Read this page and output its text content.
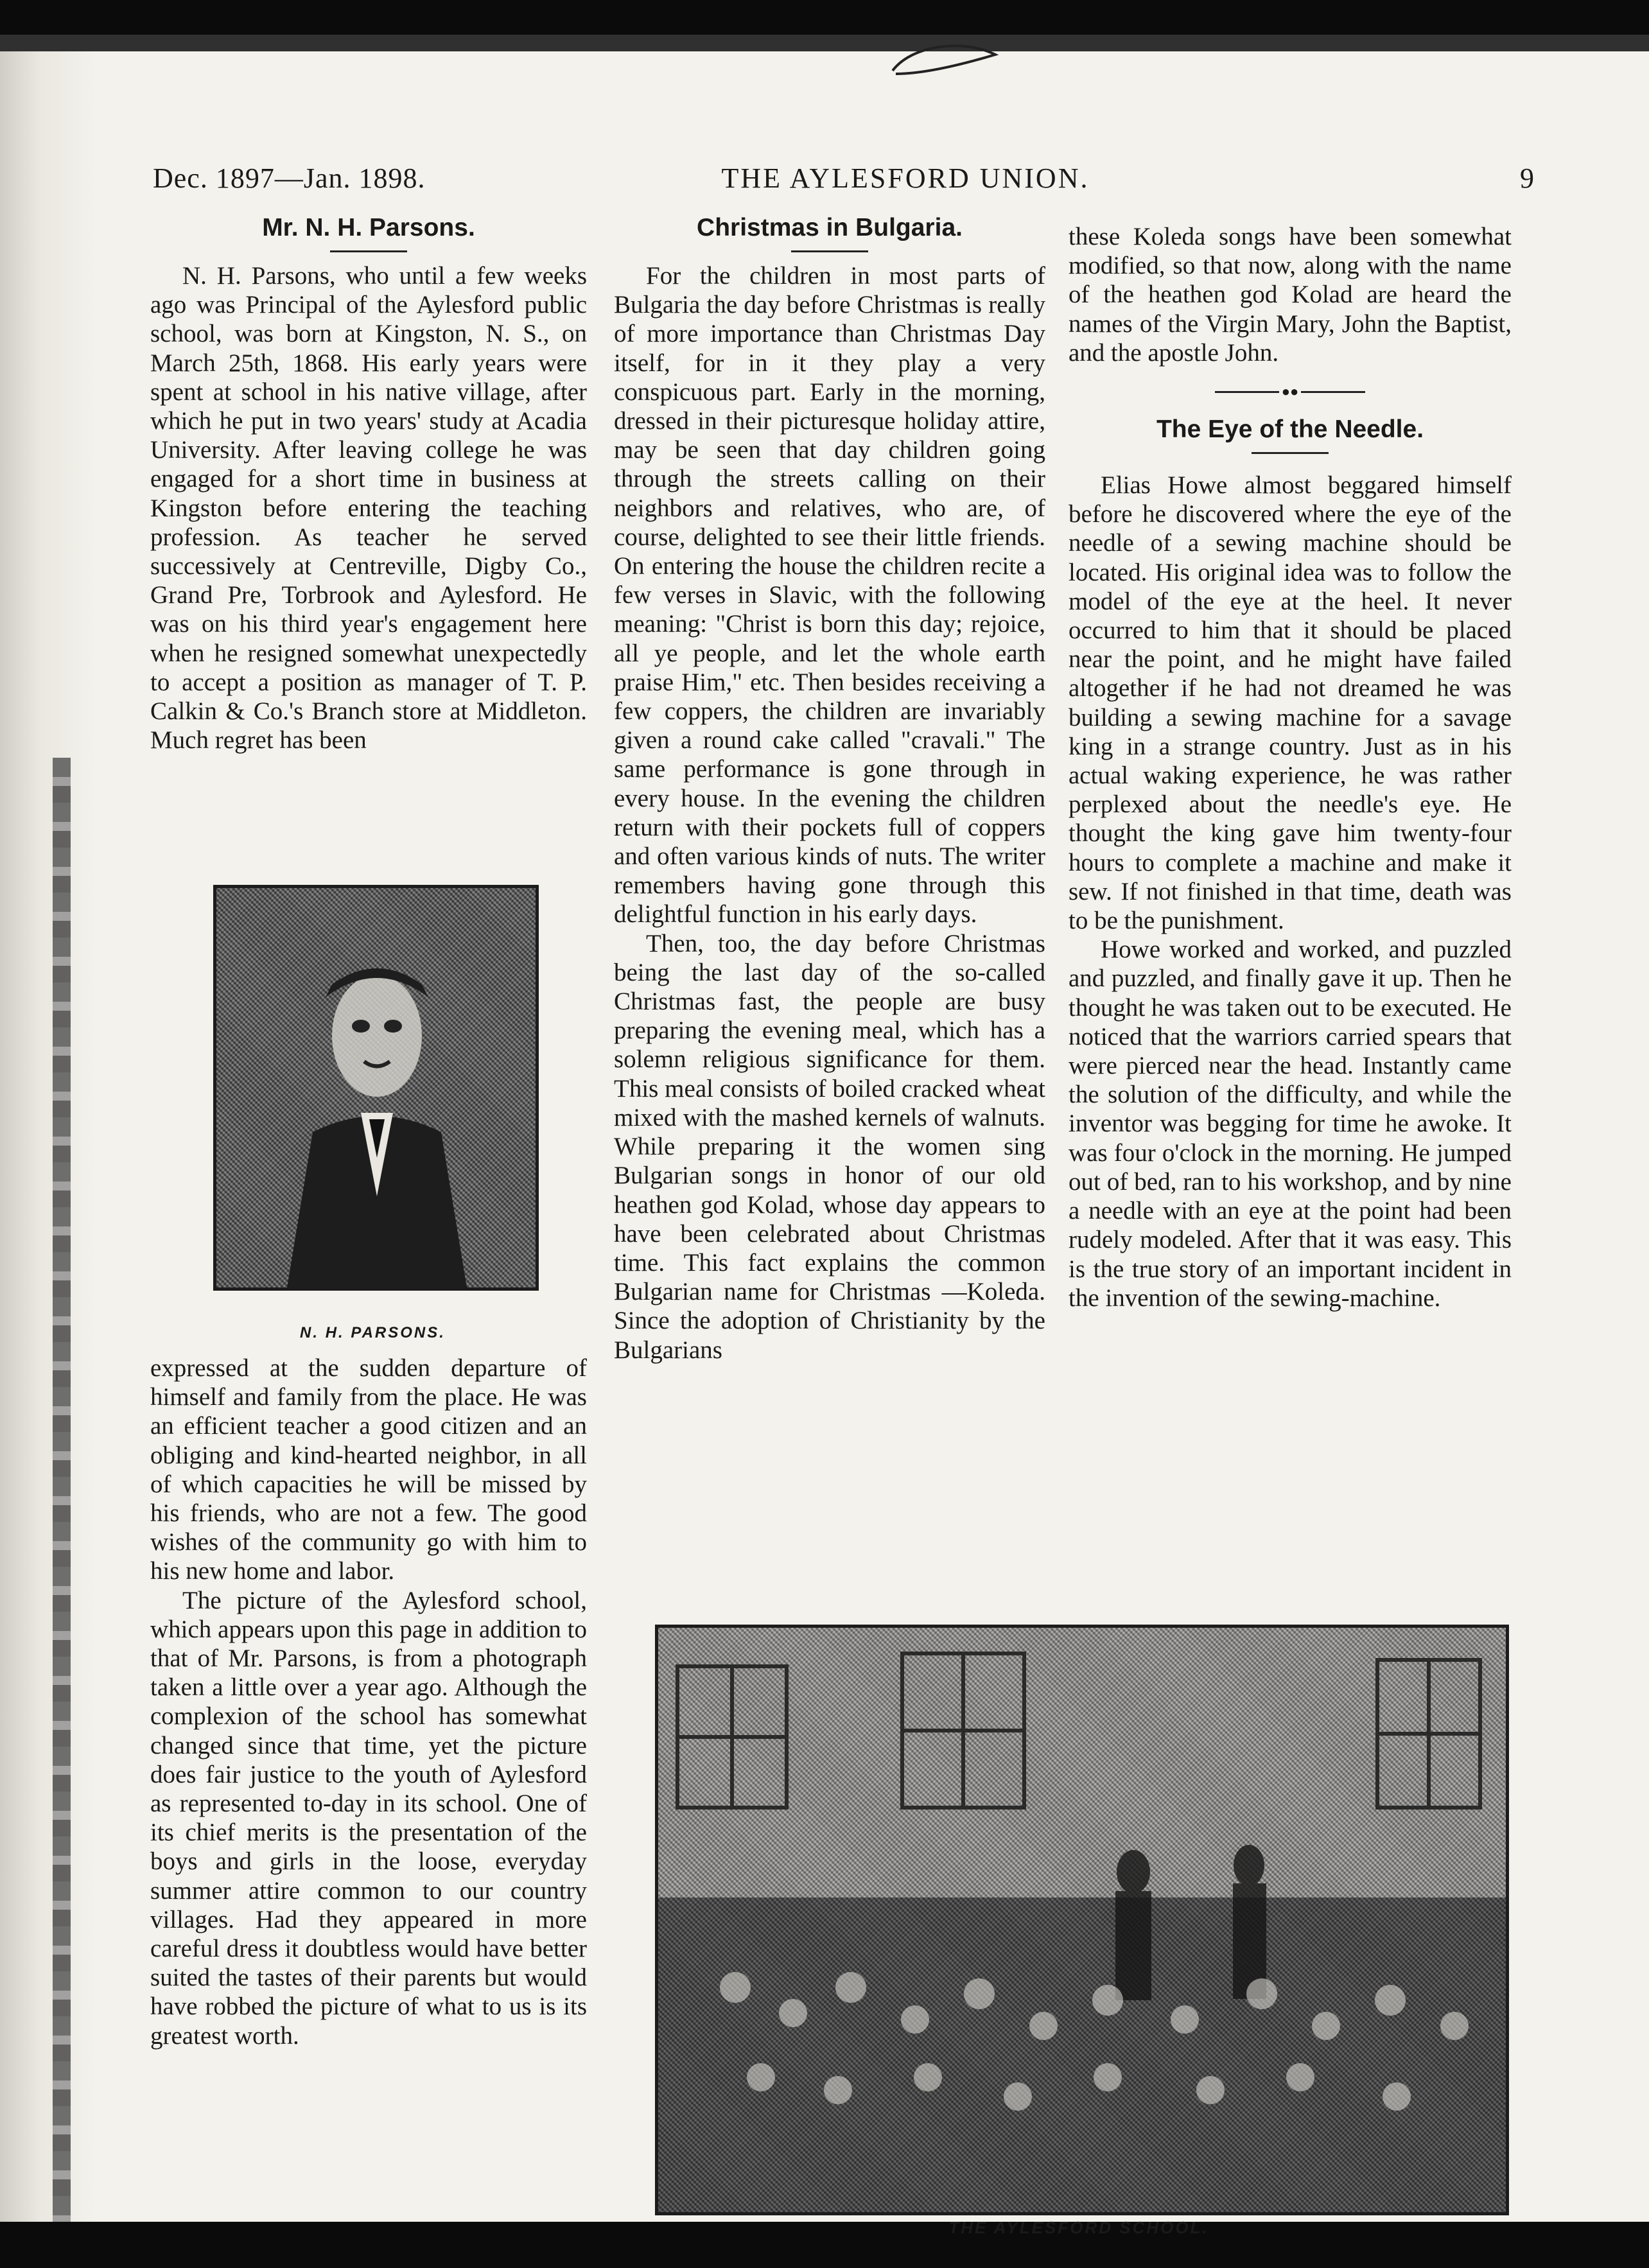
Dec. 1897—Jan. 1898.	THE AYLESFORD UNION.	9
Mr. N. H. Parsons.

N. H. Parsons, who until a few weeks ago was Principal of the Aylesford public school, was born at Kingston, N. S., on March 25th, 1868. His early years were spent at school in his native village, after which he put in two years' study at Acadia University. After leaving college he was engaged for a short time in business at Kingston before entering the teaching profession. As teacher he served successively at Centreville, Digby Co., Grand Pre, Torbrook and Aylesford. He was on his third year's engagement here when he resigned somewhat unexpectedly to accept a position as manager of T. P. Calkin & Co.'s Branch store at Middleton. Much regret has been

N. H. PARSONS.

expressed at the sudden departure of himself and family from the place. He was an efficient teacher a good citizen and an obliging and kind-hearted neighbor, in all of which capacities he will be missed by his friends, who are not a few. The good wishes of the community go with him to his new home and labor.

The picture of the Aylesford school, which appears upon this page in addition to that of Mr. Parsons, is from a photograph taken a little over a year ago. Although the complexion of the school has somewhat changed since that time, yet the picture does fair justice to the youth of Aylesford as represented to-day in its school. One of its chief merits is the presentation of the boys and girls in the loose, everyday summer attire common to our country villages. Had they appeared in more careful dress it doubtless would have better suited the tastes of their parents but would have robbed the picture of what to us is its greatest worth.

Christmas in Bulgaria.

For the children in most parts of Bulgaria the day before Christmas is really of more importance than Christmas Day itself, for in it they play a very conspicuous part. Early in the morning, dressed in their picturesque holiday attire, may be seen that day children going through the streets calling on their neighbors and relatives, who are, of course, delighted to see their little friends. On entering the house the children recite a few verses in Slavic, with the following meaning: "Christ is born this day; rejoice, all ye people, and let the whole earth praise Him," etc. Then besides receiving a few coppers, the children are invariably given a round cake called "cravali." The same performance is gone through in every house. In the evening the children return with their pockets full of coppers and often various kinds of nuts. The writer remembers having gone through this delightful function in his early days.

Then, too, the day before Christmas being the last day of the so-called Christmas fast, the people are busy preparing the evening meal, which has a solemn religious significance for them. This meal consists of boiled cracked wheat mixed with the mashed kernels of walnuts. While preparing it the women sing Bulgarian songs in honor of our old heathen god Kolad, whose day appears to have been celebrated about Christmas time. This fact explains the common Bulgarian name for Christmas —Koleda. Since the adoption of Christianity by the Bulgarians

these Koleda songs have been somewhat modified, so that now, along with the name of the heathen god Kolad are heard the names of the Virgin Mary, John the Baptist, and the apostle John.

●●
The Eye of the Needle.

Elias Howe almost beggared himself before he discovered where the eye of the needle of a sewing machine should be located. His original idea was to follow the model of the eye at the heel. It never occurred to him that it should be placed near the point, and he might have failed altogether if he had not dreamed he was building a sewing machine for a savage king in a strange country. Just as in his actual waking experience, he was rather perplexed about the needle's eye. He thought the king gave him twenty-four hours to complete a machine and make it sew. If not finished in that time, death was to be the punishment.

Howe worked and worked, and puzzled and puzzled, and finally gave it up. Then he thought he was taken out to be executed. He noticed that the warriors carried spears that were pierced near the head. Instantly came the solution of the difficulty, and while the inventor was begging for time he awoke. It was four o'clock in the morning. He jumped out of bed, ran to his workshop, and by nine a needle with an eye at the point had been rudely modeled. After that it was easy. This is the true story of an important incident in the invention of the sewing-machine.

THE AYLESFORD SCHOOL.
